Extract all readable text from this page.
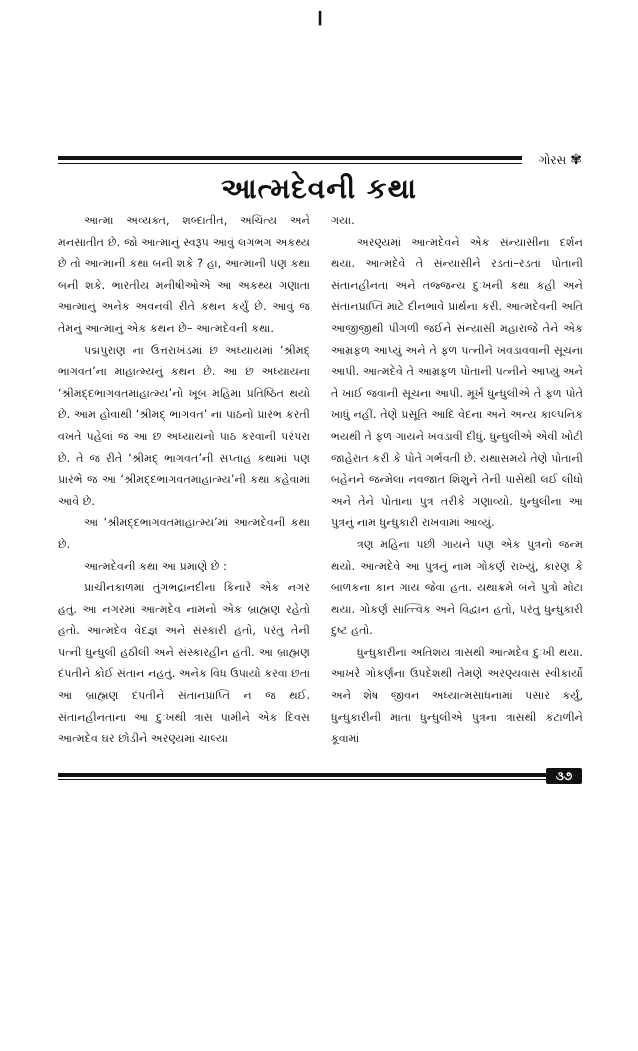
।
ગોરસ ✾
આત્મદેવની કથા

આત્મા અવ્યક્ત, શબ્દાતીત, અચિંત્ય અને મનસાતીત છે. જો આત્માનું સ્વરૂપ આવું લગભગ અકથ્ય છે તો આત્માની કથા બની શકે ? હા, આત્માની પણ કથા બની શકે. ભારતીય મનીષીઓએ આ અકથ્ય ગણાતા આત્માનું અનેક અવનવી રીતે કથન કર્યું છે. આવું જ તેમનું આત્માનું એક કથન છે– આત્મદેવની કથા.

પદ્મપુરાણ ના ઉત્તરાખંડમાં છ અધ્યાયમાં ‘શ્રીમદ્ ભાગવત’ના માહાત્મ્યનું કથન છે. આ છ અધ્યાયના ‘શ્રીમદ્દભાગવતમાહાત્મ્ય’નો ખૂબ મહિમા પ્રતિષ્ઠિત થયો છે. આમ હોવાથી ‘શ્રીમદ્ ભાગવત’ ના પાઠનો પ્રારંભ કરતી વખતે પહેલાં જ આ છ અધ્યાયનો પાઠ કરવાની પરંપરા છે. તે જ રીતે ‘શ્રીમદ્ ભાગવત’ની સપ્તાહ કથામાં પણ પ્રારંભે જ આ ‘શ્રીમદ્દભાગવતમાહાત્મ્ય’ની કથા કહેવામાં આવે છે.

આ ‘શ્રીમદ્દભાગવતમાહાત્મ્ય’માં આત્મદેવની કથા છે.

આત્મદેવની કથા આ પ્રમાણે છે :

પ્રાચીનકાળમાં તુંગભદ્રાનદીના કિનારે એક નગર હતું. આ નગરમાં આત્મદેવ નામનો એક બ્રાહ્મણ રહેતો હતો. આત્મદેવ વેદજ્ઞ અને સંસ્કારી હતો, પરંતુ તેની પત્ની ધુન્ધુલી હઠીલી અને સંસ્કારહીન હતી. આ બ્રાહ્મણ દંપતીને કોઈ સંતાન નહતું. અનેક વિધ ઉપાયો કરવા છતાં આ બ્રાહ્મણ દંપતીને સંતાનપ્રાપ્તિ ન જ થઈ. સંતાનહીનતાના આ દુઃખથી ત્રાસ પામીને એક દિવસ આત્મદેવ ઘર છોડીને અરણ્યમાં ચાલ્યા

ગયા.

અરણ્યમાં આત્મદેવને એક સંન્યાસીના દર્શન થયા. આત્મદેવે તે સંન્યાસીને રડતાં–રડતાં પોતાની સંતાનહીનતા અને તજ્જન્ય દુઃખની કથા કહી અને સંતાનપ્રાપ્તિ માટે દીનભાવે પ્રાર્થના કરી. આત્મદેવની અતિ આજીજીથી પીગળી જઈને સંન્યાસી મહારાજે તેને એક આમ્રફળ આપ્યું અને તે ફળ પત્નીને ખવડાવવાની સૂચના આપી. આત્મદેવે તે આમ્રફળ પોતાની પત્નીને આપ્યું અને તે ખાઈ જવાની સૂચના આપી. મૂર્ખ ધુન્ધુલીએ તે ફળ પોતે ખાધું નહીં. તેણે પ્રસૂતિ આદિ વેદના અને અન્ય કાલ્પનિક ભયથી તે ફળ ગાયને ખવડાવી દીધું. ધુન્ધુલીએ એવી ખોટી જાહેરાત કરી કે પોતે ગર્ભવતી છે. યથાસમયે તેણે પોતાની બહેનને જન્મેલા નવજાત શિશુને તેની પાસેથી લઈ લીધો અને તેને પોતાના પુત્ર તરીકે ગણાવ્યો. ધુન્ધુલીના આ પુત્રનું નામ ધુન્ધુકારી રાખવામાં આવ્યું.

ત્રણ મહિના પછી ગાયને પણ એક પુત્રનો જન્મ થયો. આત્મદેવે આ પુત્રનું નામ ગોકર્ણ રાખ્યું, કારણ કે બાળકના કાન ગાય જેવા હતા. યથાક્રમે બંને પુત્રો મોટા થયા. ગોકર્ણ સાત્ત્વિક અને વિદ્વાન હતો, પરંતુ ધુન્ધુકારી દુષ્ટ હતો.

ધુન્ધુકારીના અતિશય ત્રાસથી આત્મદેવ દુઃખી થયા. આખરે ગોકર્ણના ઉપદેશથી તેમણે અરણ્યવાસ સ્વીકાર્યો અને શેષ જીવન અધ્યાત્મસાધનામાં પસાર કર્યું, ધુન્ધુકારીની માતા ધુન્ધુલીએ પુત્રના ત્રાસથી કંટાળીને કૂવામાં

૩૭
